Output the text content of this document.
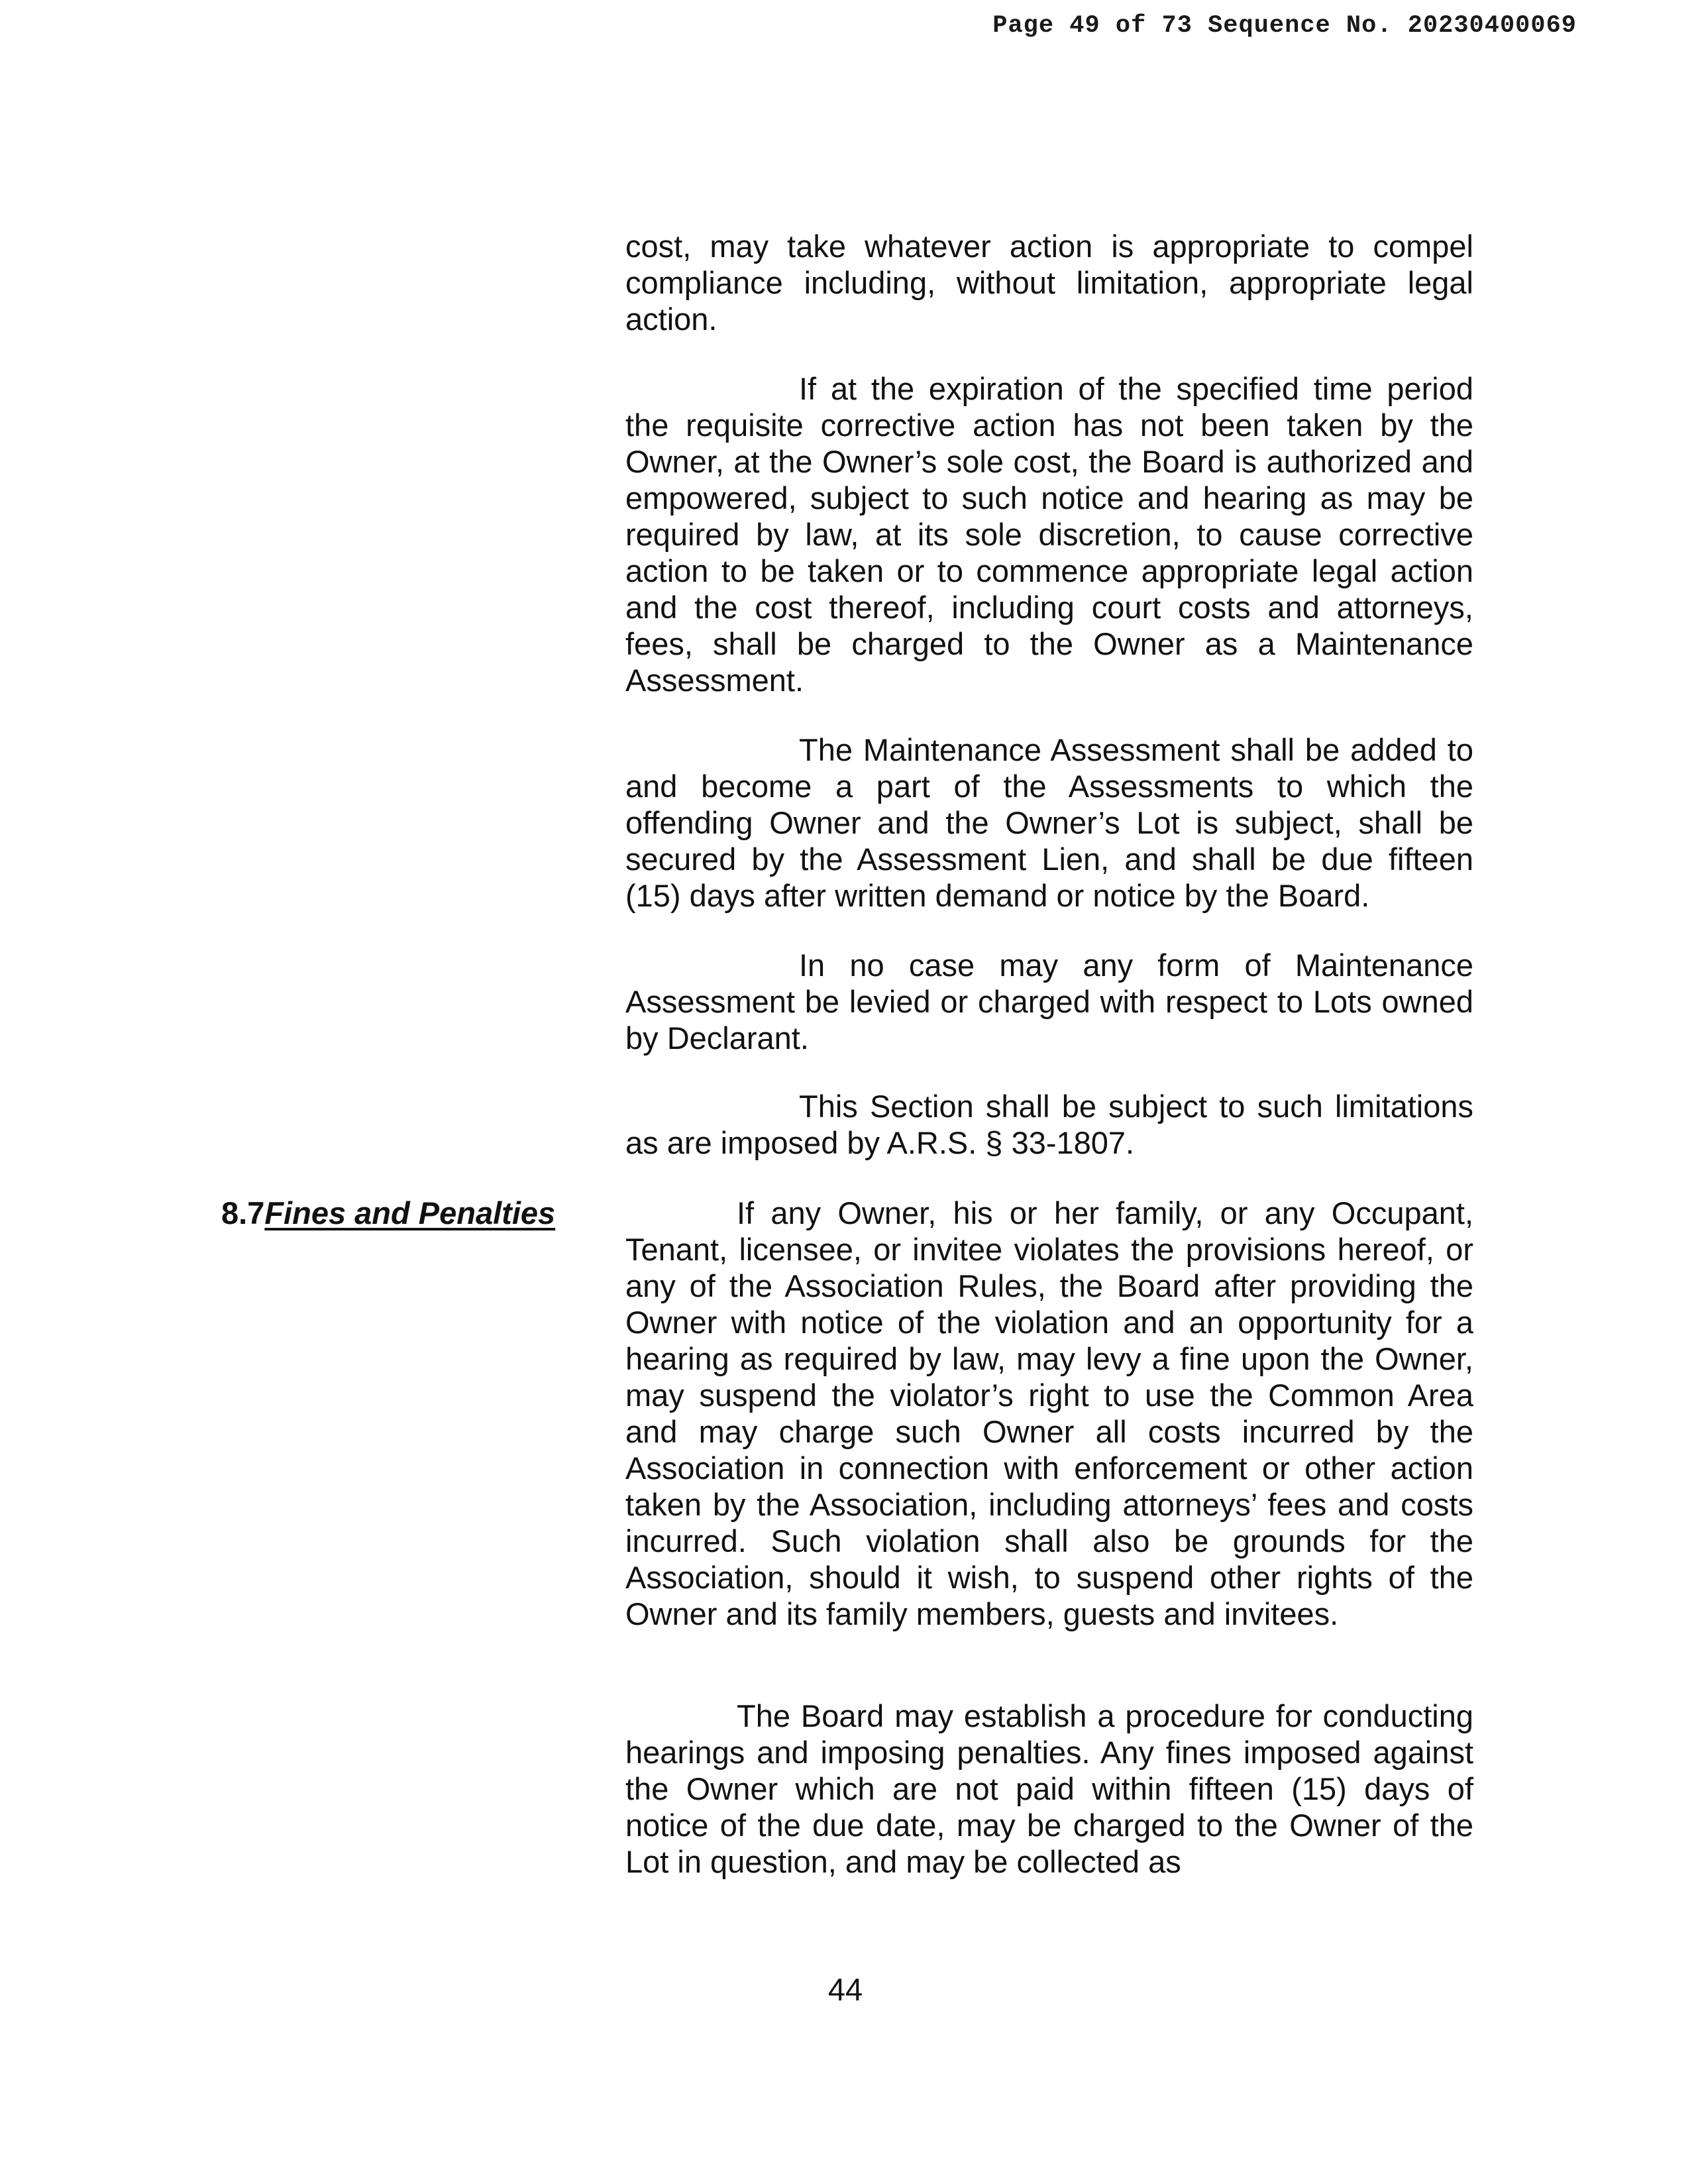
Page 49 of 73 Sequence No. 20230400069

cost, may take whatever action is appropriate to compel compliance including, without limitation, appropriate legal action.

If at the expiration of the specified time period the requisite corrective action has not been taken by the Owner, at the Owner’s sole cost, the Board is authorized and empowered, subject to such notice and hearing as may be required by law, at its sole discretion, to cause corrective action to be taken or to commence appropriate legal action and the cost thereof, including court costs and attorneys, fees, shall be charged to the Owner as a Maintenance Assessment.

The Maintenance Assessment shall be added to and become a part of the Assessments to which the offending Owner and the Owner’s Lot is subject, shall be secured by the Assessment Lien, and shall be due fifteen (15) days after written demand or notice by the Board.

In no case may any form of Maintenance Assessment be levied or charged with respect to Lots owned by Declarant.

This Section shall be subject to such limitations as are imposed by A.R.S. § 33-1807.

8.7Fines and Penalties	If any Owner, his or her family, or any Occupant, Tenant, licensee, or invitee violates the provisions hereof, or any of the Association Rules, the Board after providing the Owner with notice of the violation and an opportunity for a hearing as required by law, may levy a fine upon the Owner, may suspend the violator’s right to use the Common Area and may charge such Owner all costs incurred by the Association in connection with enforcement or other action taken by the Association, including attorneys’ fees and costs incurred. Such violation shall also be grounds for the Association, should it wish, to suspend other rights of the Owner and its family members, guests and invitees.

The Board may establish a procedure for conducting hearings and imposing penalties. Any fines imposed against the Owner which are not paid within fifteen (15) days of notice of the due date, may be charged to the Owner of the Lot in question, and may be collected as

44
